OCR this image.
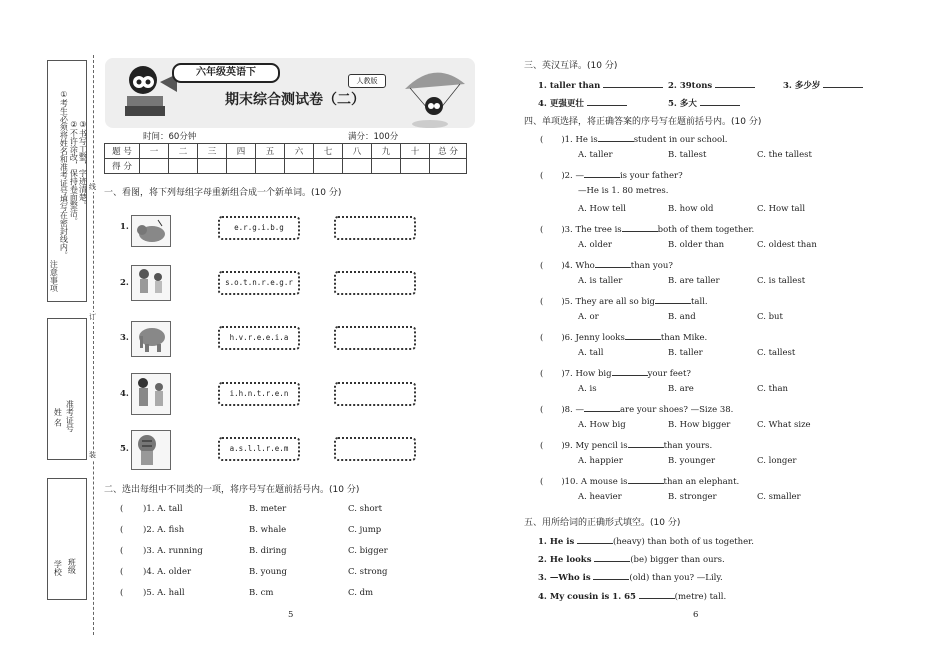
注意事项
①考生必须将姓名和准考证号填写在密封线内。 ②不许涂改，保持卷面整洁。 ③书写工整，字迹清楚。
姓 名 准考证号
学校 班级
线
订
装
六年级英语下
人教版
期末综合测试卷（二）
时间：60分钟	满分：100分
题 号	一	二	三	四	五	六	七	八	九	十	总 分
得 分											
一、看图，将下列每组字母重新组合成一个新单词。(10 分)
1.	e.r.g.i.b.g
2.	s.o.t.n.r.e.g.r
3.	h.v.r.e.e.i.a
4.	i.h.n.t.r.e.n
5.	a.s.l.l.r.e.m
二、选出每组中不同类的一项，将序号写在题前括号内。(10 分)
( )1. A. tall	B. meter	C. short
( )2. A. fish	B. whale	C. jump
( )3. A. running	B. diring	C. bigger
( )4. A. older	B. young	C. strong
( )5. A. hall	B. cm	C. dm
5
三、英汉互译。(10 分)
1. taller than	2. 39tons	3. 多少岁
4. 更强更壮	5. 多大
四、单项选择，将正确答案的序号写在题前括号内。(10 分)
( )1. He is	student in our school.
A. taller	B. tallest	C. the tallest
( )2. —	is your father?
—He is 1. 80 metres.
A. How tell	B. how old	C. How tall
( )3. The tree is	both of them together.
A. older	B. older than	C. oldest than
( )4. Who	than you?
A. is taller	B. are taller	C. is tallest
( )5. They are all so big	tall.
A. or	B. and	C. but
( )6. Jenny looks	than Mike.
A. tall	B. taller	C. tallest
( )7. How big	your feet?
A. is	B. are	C. than
( )8. —	are your shoes? —Size 38.
A. How big	B. How bigger	C. What size
( )9. My pencil is	than yours.
A. happier	B. younger	C. longer
( )10. A mouse is	than an elephant.
A. heavier	B. stronger	C. smaller
五、用所给词的正确形式填空。(10 分)
1. He is	(heavy) than both of us together.
2. He looks	(be) bigger than ours.
3. —Who is	(old) than you? —Lily.
4. My cousin is 1. 65	(metre) tall.
6
